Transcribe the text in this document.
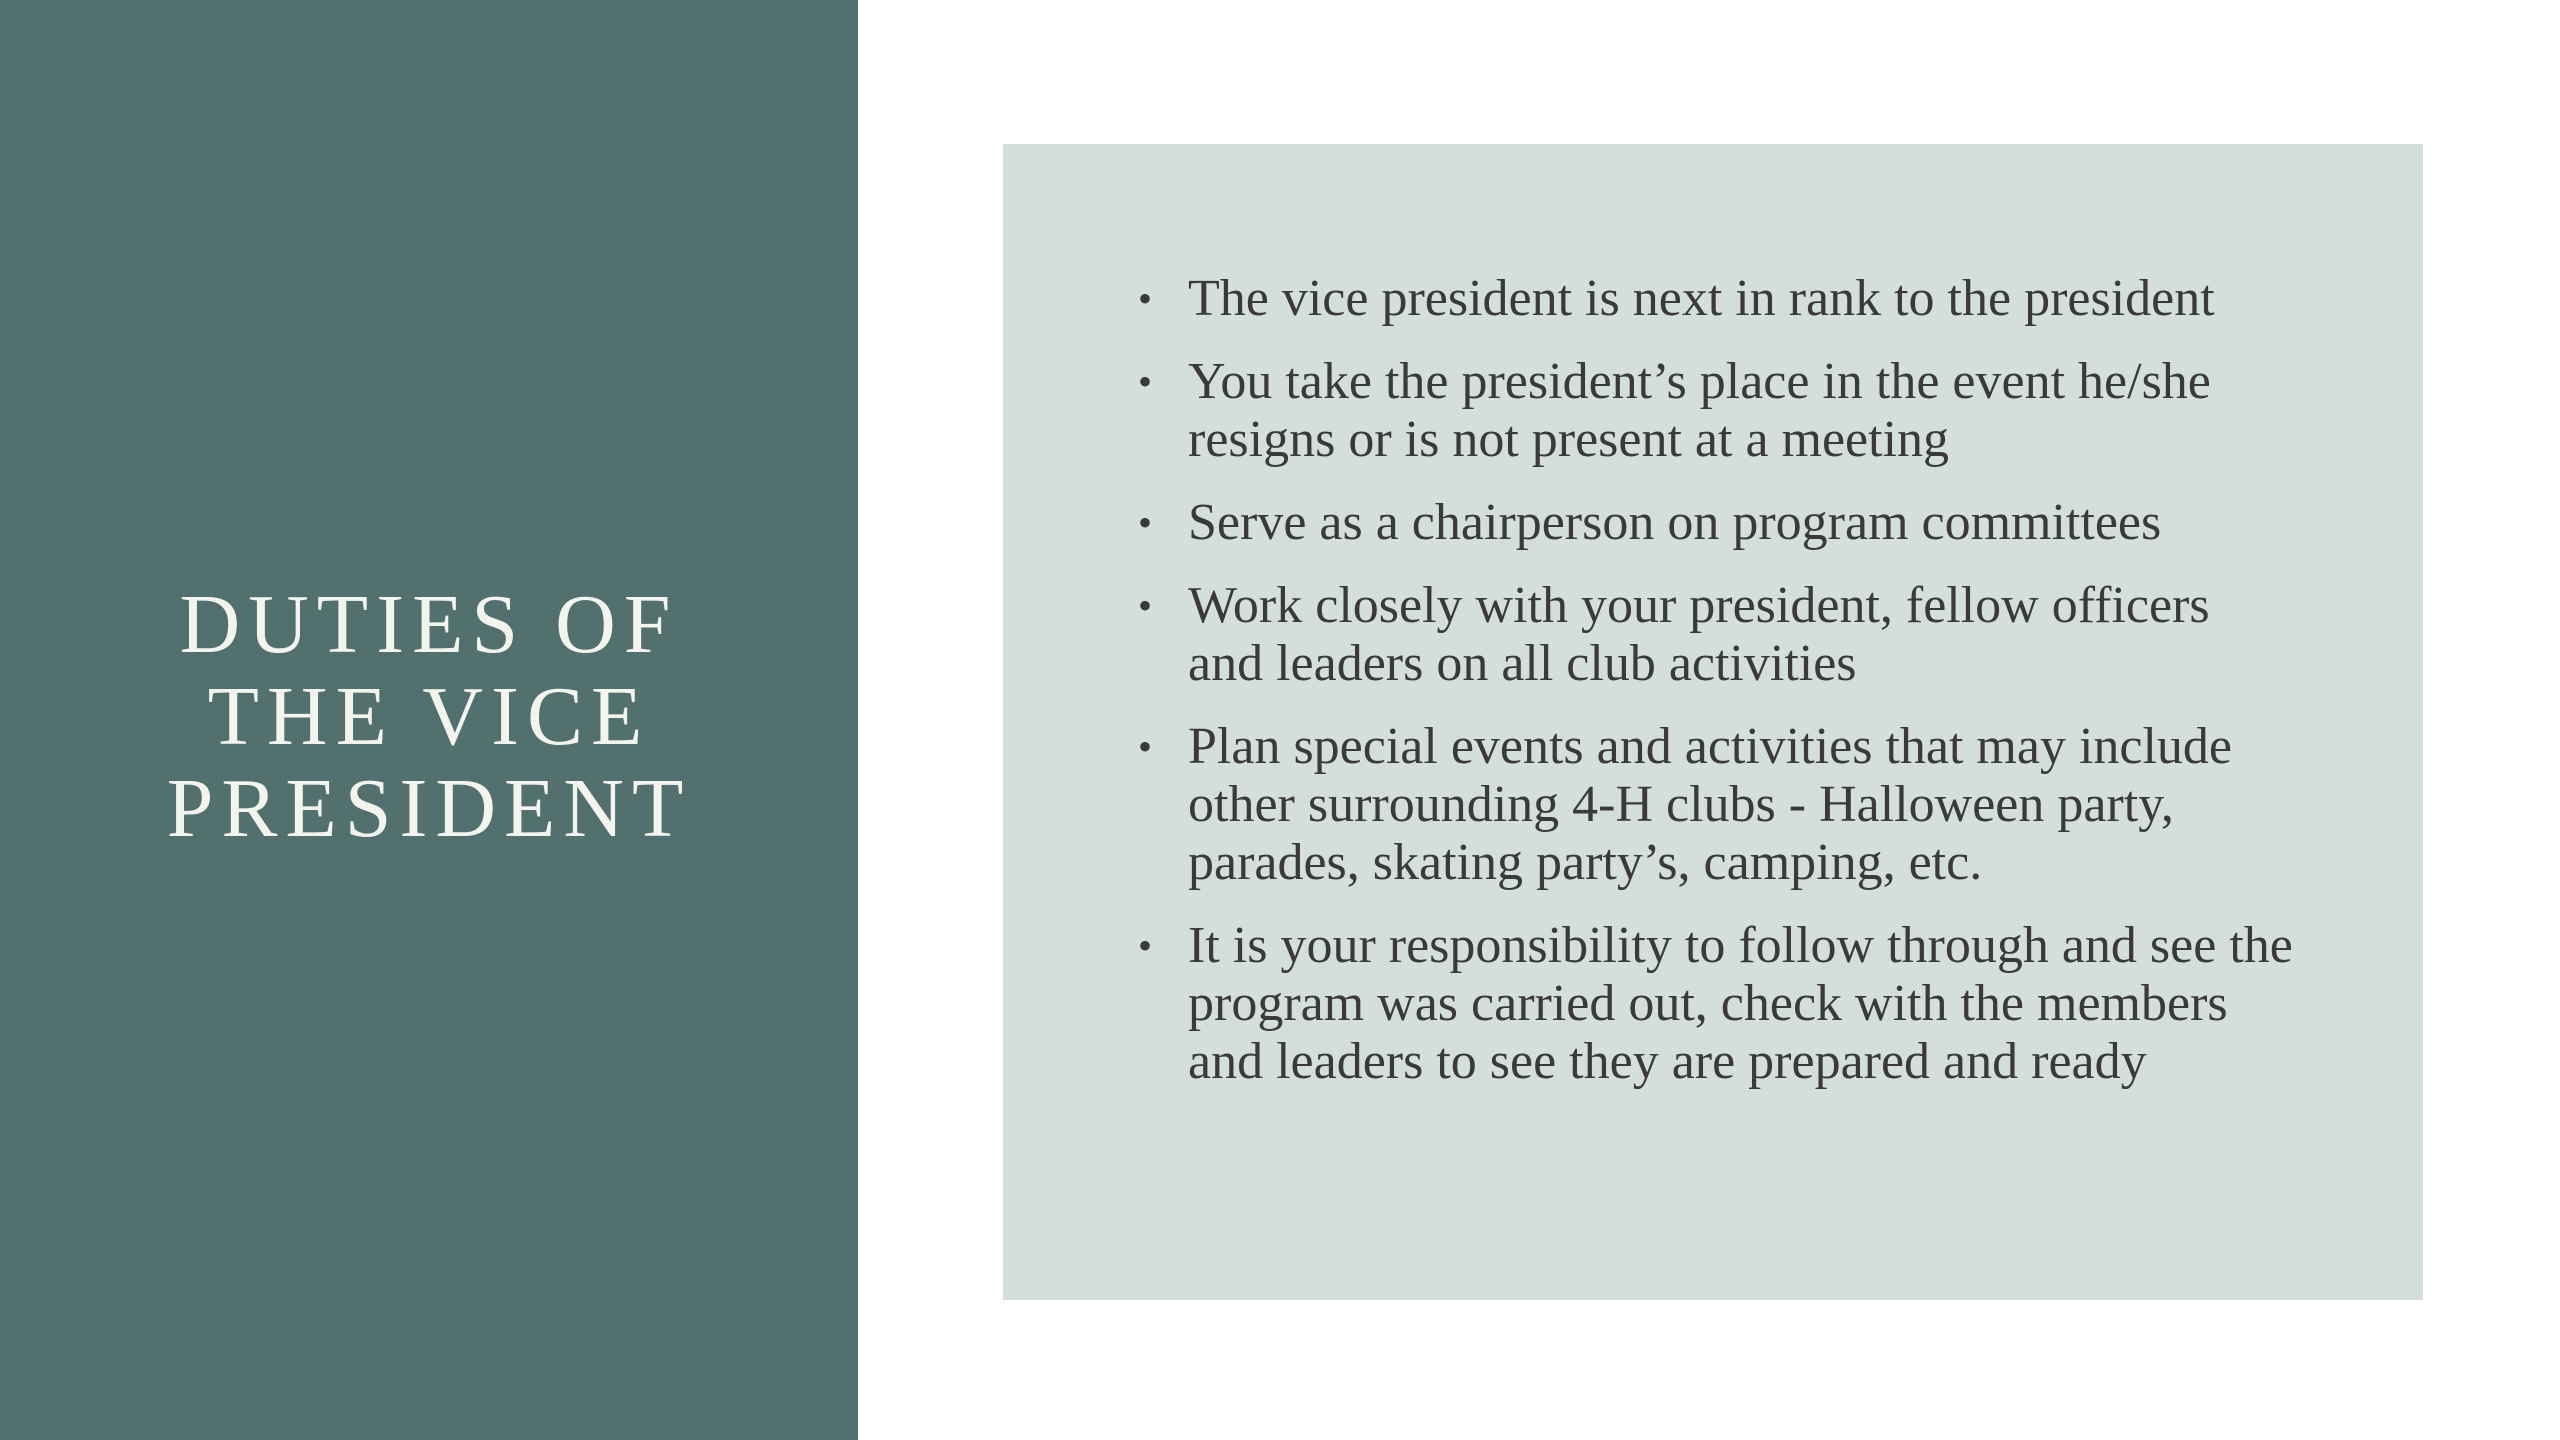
DUTIES OF THE VICE PRESIDENT
• The vice president is next in rank to the president
• You take the president’s place in the event he/she resigns or is not present at a meeting
• Serve as a chairperson on program committees
• Work closely with your president, fellow officers and leaders on all club activities
• Plan special events and activities that may include other surrounding 4-H clubs - Halloween party, parades, skating party’s, camping, etc.
• It is your responsibility to follow through and see the program was carried out, check with the members and leaders to see they are prepared and ready
